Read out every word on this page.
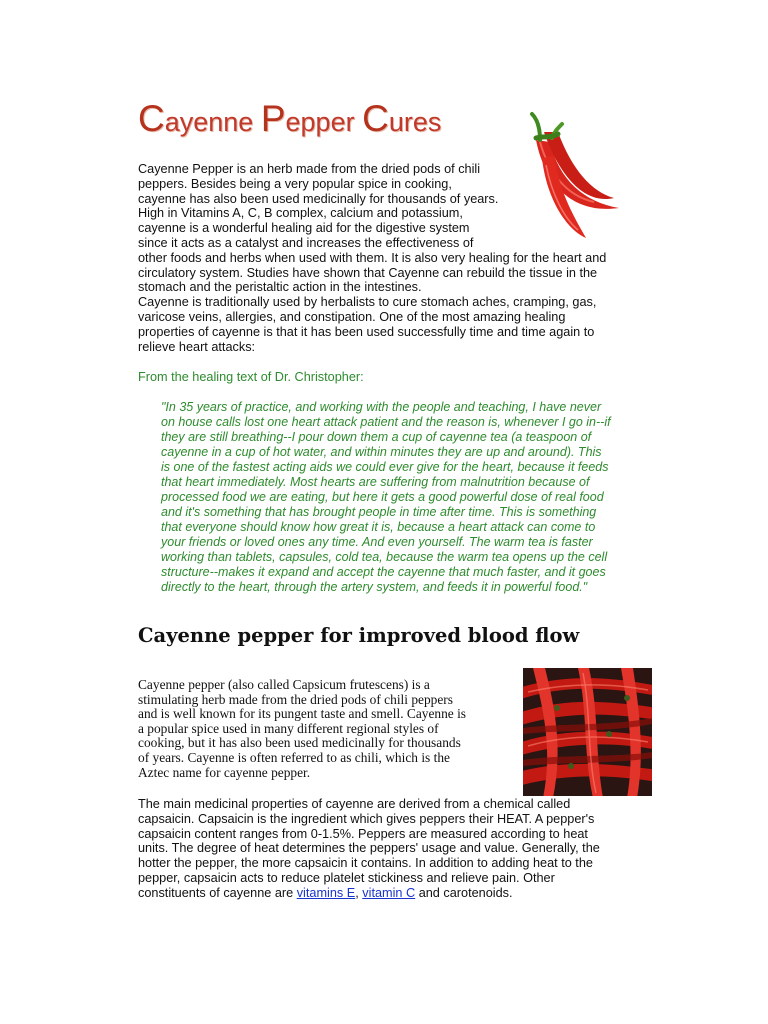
Cayenne Pepper Cures

Cayenne Pepper is an herb made from the dried pods of chili
peppers. Besides being a very popular spice in cooking,
cayenne has also been used medicinally for thousands of years.
High in Vitamins A, C, B complex, calcium and potassium,
cayenne is a wonderful healing aid for the digestive system
since it acts as a catalyst and increases the effectiveness of
other foods and herbs when used with them. It is also very healing for the heart and
circulatory system. Studies have shown that Cayenne can rebuild the tissue in the
stomach and the peristaltic action in the intestines.
Cayenne is traditionally used by herbalists to cure stomach aches, cramping, gas,
varicose veins, allergies, and constipation. One of the most amazing healing
properties of cayenne is that it has been used successfully time and time again to
relieve heart attacks:

From the healing text of Dr. Christopher:

"In 35 years of practice, and working with the people and teaching, I have never
on house calls lost one heart attack patient and the reason is, whenever I go in--if
they are still breathing--I pour down them a cup of cayenne tea (a teaspoon of
cayenne in a cup of hot water, and within minutes they are up and around). This
is one of the fastest acting aids we could ever give for the heart, because it feeds
that heart immediately. Most hearts are suffering from malnutrition because of
processed food we are eating, but here it gets a good powerful dose of real food
and it's something that has brought people in time after time. This is something
that everyone should know how great it is, because a heart attack can come to
your friends or loved ones any time. And even yourself. The warm tea is faster
working than tablets, capsules, cold tea, because the warm tea opens up the cell
structure--makes it expand and accept the cayenne that much faster, and it goes
directly to the heart, through the artery system, and feeds it in powerful food."
Cayenne pepper for improved blood flow

Cayenne pepper (also called Capsicum frutescens) is a
stimulating herb made from the dried pods of chili peppers
and is well known for its pungent taste and smell. Cayenne is
a popular spice used in many different regional styles of
cooking, but it has also been used medicinally for thousands
of years. Cayenne is often referred to as chili, which is the
Aztec name for cayenne pepper.

The main medicinal properties of cayenne are derived from a chemical called
capsaicin. Capsaicin is the ingredient which gives peppers their HEAT. A pepper's
capsaicin content ranges from 0-1.5%. Peppers are measured according to heat
units. The degree of heat determines the peppers' usage and value. Generally, the
hotter the pepper, the more capsaicin it contains. In addition to adding heat to the
pepper, capsaicin acts to reduce platelet stickiness and relieve pain. Other
constituents of cayenne are vitamins E, vitamin C and carotenoids.
